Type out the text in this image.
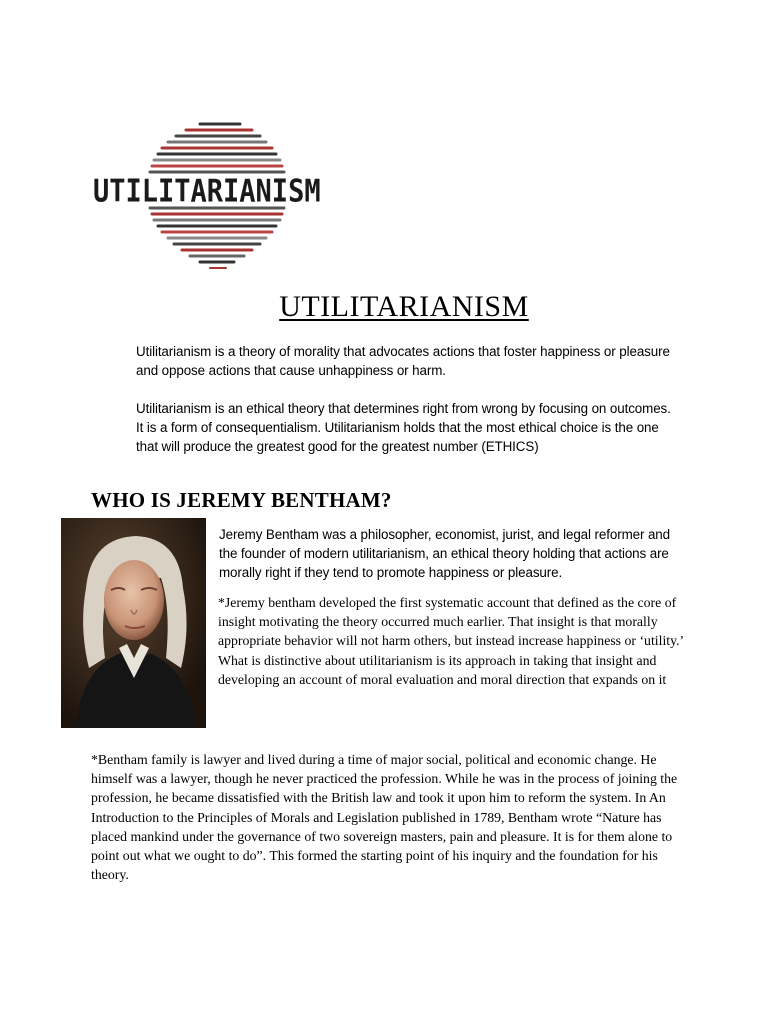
UTILITARIANISM
UTILITARIANISM

Utilitarianism is a theory of morality that advocates actions that foster happiness or pleasure and oppose actions that cause unhappiness or harm.

Utilitarianism is an ethical theory that determines right from wrong by focusing on outcomes. It is a form of consequentialism. Utilitarianism holds that the most ethical choice is the one that will produce the greatest good for the greatest number (ETHICS)

WHO IS JEREMY BENTHAM?

Jeremy Bentham was a philosopher, economist, jurist, and legal reformer and the founder of modern utilitarianism, an ethical theory holding that actions are morally right if they tend to promote happiness or pleasure.

*Jeremy bentham developed the first systematic account that defined as the core of insight motivating the theory occurred much earlier. That insight is that morally appropriate behavior will not harm others, but instead increase happiness or ‘utility.’ What is distinctive about utilitarianism is its approach in taking that insight and developing an account of moral evaluation and moral direction that expands on it

*Bentham family is lawyer and lived during a time of major social, political and economic change. He himself was a lawyer, though he never practiced the profession. While he was in the process of joining the profession, he became dissatisfied with the British law and took it upon him to reform the system. In An Introduction to the Principles of Morals and Legislation published in 1789, Bentham wrote “Nature has placed mankind under the governance of two sovereign masters, pain and pleasure. It is for them alone to point out what we ought to do”. This formed the starting point of his inquiry and the foundation for his theory.
